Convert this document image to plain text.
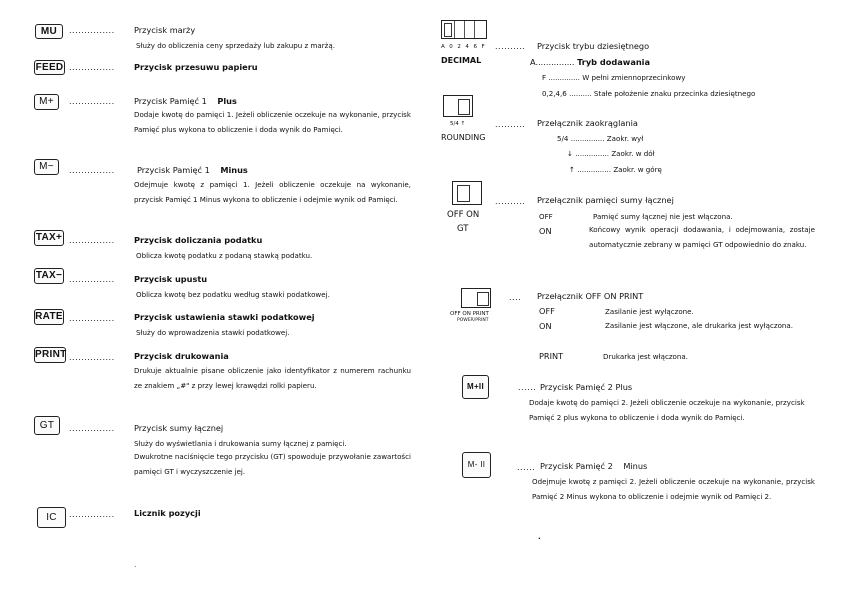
MU	............... Przycisk marży
Służy do obliczenia ceny sprzedaży lub zakupu z marżą.
FEED ............... Przycisk przesuwu papieru
M+	............... Przycisk Pamięć 1 Plus
Dodaje kwotę do pamięci 1. Jeżeli obliczenie oczekuje na wykonanie, przycisk Pamięć plus wykona to obliczenie i doda wynik do Pamięci.
M−	...............	Przycisk Pamięć 1 Minus
Odejmuje kwotę z pamięci 1. Jeżeli obliczenie oczekuje na wykonanie, przycisk Pamięć 1 Minus wykona to obliczenie i odejmie wynik od Pamięci.
TAX+ ............... Przycisk doliczania podatku
Oblicza kwotę podatku z podaną stawką podatku.
TAX− ............... Przycisk upustu
Oblicza kwotę bez podatku według stawki podatkowej.
RATE ............... Przycisk ustawienia stawki podatkowej
Służy do wprowadzenia stawki podatkowej.
PRINT ............... Przycisk drukowania
Drukuje aktualnie pisane obliczenie jako identyfikator z numerem rachunku ze znakiem „#" z przy lewej krawędzi rolki papieru.
GT	............... Przycisk sumy łącznej
Służy do wyświetlania i drukowania sumy łącznej z pamięci.
Dwukrotne naciśnięcie tego przycisku (GT) spowoduje przywołanie zawartości pamięci GT i wyczyszczenie jej.
IC	............... Licznik pozycji
.
A 0 2 4 6 F
DECIMAL
.......... Przycisk trybu dziesiętnego
A............... Tryb dodawania
F .............. W pełni zmiennoprzecinkowy
0,2,4,6 .......... Stałe położenie znaku przecinka dziesiętnego
5/4 ↑
ROUNDING
.......... Przełącznik zaokrąglania
5/4 ............... Zaokr. wył
↓ ............... Zaokr. w dół
↑ ............... Zaokr. w górę
OFF ON
GT
.......... Przełącznik pamięci sumy łącznej
OFF	Pamięć sumy łącznej nie jest włączona.
ON	Końcowy wynik operacji dodawania, i odejmowania, zostaje automatycznie zebrany w pamięci GT odpowiednio do znaku.
OFF ON PRINT
POWER/PRINT
.... Przełącznik OFF ON PRINT
OFF	Zasilanie jest wyłączone.
ON	Zasilanie jest włączone, ale drukarka jest wyłączona.
PRINT	Drukarka jest włączona.
M+II	...... Przycisk Pamięć 2 Plus
Dodaje kwotę do pamięci 2. Jeżeli obliczenie oczekuje na wykonanie, przycisk Pamięć 2 plus wykona to obliczenie i doda wynik do Pamięci.
M- II	...... Przycisk Pamięć 2 Minus
Odejmuje kwotę z pamięci 2. Jeżeli obliczenie oczekuje na wykonanie, przycisk Pamięć 2 Minus wykona to obliczenie i odejmie wynik od Pamięci 2.
.
